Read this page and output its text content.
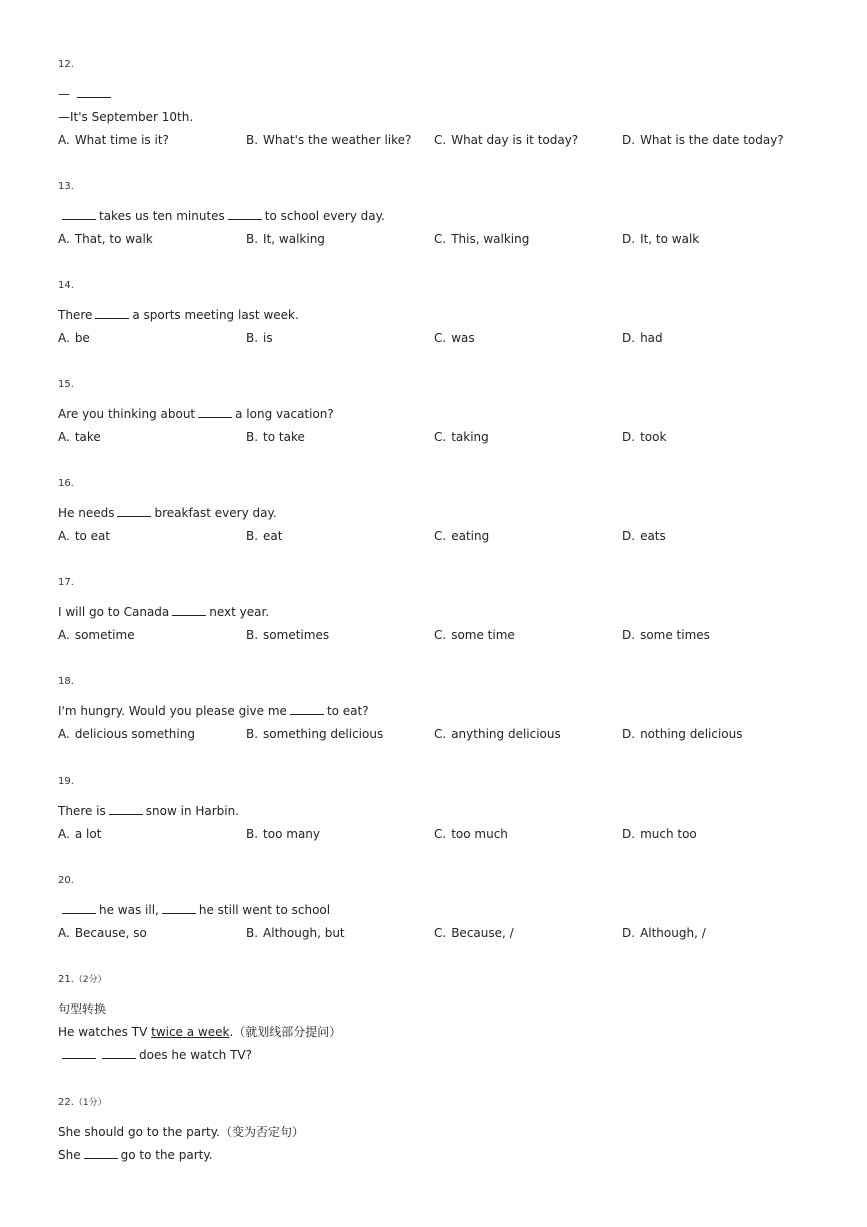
12.
—
—It's September 10th.
A. What time is it?	B. What's the weather like? C. What day is it today?	D. What is the date today?
13.
takes us ten minutes	to school every day.
A. That, to walk	B. It, walking	C. This, walking	D. It, to walk
14.
There	a sports meeting last week.
A. be	B. is	C. was	D. had
15.
Are you thinking about	a long vacation?
A. take	B. to take	C. taking	D. took
16.
He needs	breakfast every day.
A. to eat	B. eat	C. eating	D. eats
17.
I will go to Canada	next year.
A. sometime	B. sometimes	C. some time	D. some times
18.
I'm hungry. Would you please give me	to eat?
A. delicious something	B. something delicious	C. anything delicious	D. nothing delicious
19.
There is	snow in Harbin.
A. a lot	B. too many	C. too much	D. much too
20.
he was ill,	he still went to school
A. Because, so	B. Although, but	C. Because, /	D. Although, /
21.（2分）
句型转换
He watches TV twice a week.（就划线部分提问）
does he watch TV?
22.（1分）
She should go to the party.（变为否定句）
She	go to the party.
